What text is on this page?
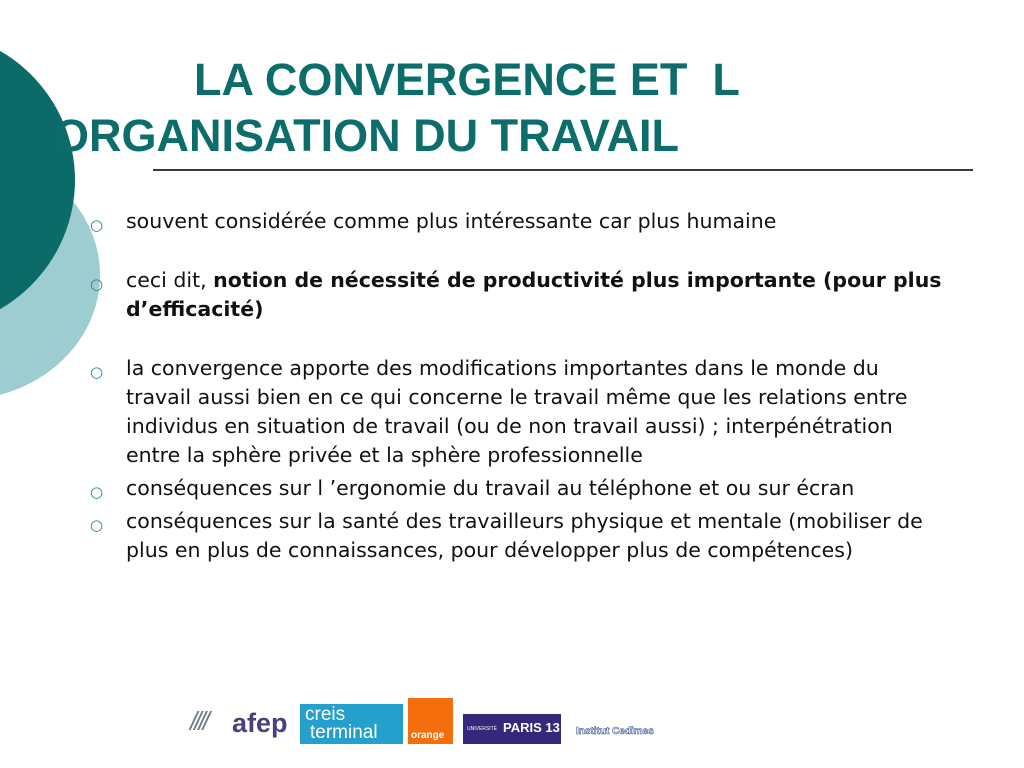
LA CONVERGENCE ET  L
ORGANISATION DU TRAVAIL
○ souvent considérée comme plus intéressante car plus humaine
○ ceci dit, notion de nécessité de productivité plus importante (pour plus d’efficacité)
○ la convergence apporte des modifications importantes dans le monde du travail aussi bien en ce qui concerne le travail même que les relations entre individus en situation de travail (ou de non travail aussi) ; interpénétration entre la sphère privée et la sphère professionnelle
○ conséquences sur l ’ergonomie du travail au téléphone et ou sur écran
○ conséquences sur la santé des travailleurs physique et mentale (mobiliser de plus en plus de connaissances, pour développer plus de compétences)
//// afep creis
terminal	orange
UNIVERSITÉ PARIS 13 Institut Cedimes
